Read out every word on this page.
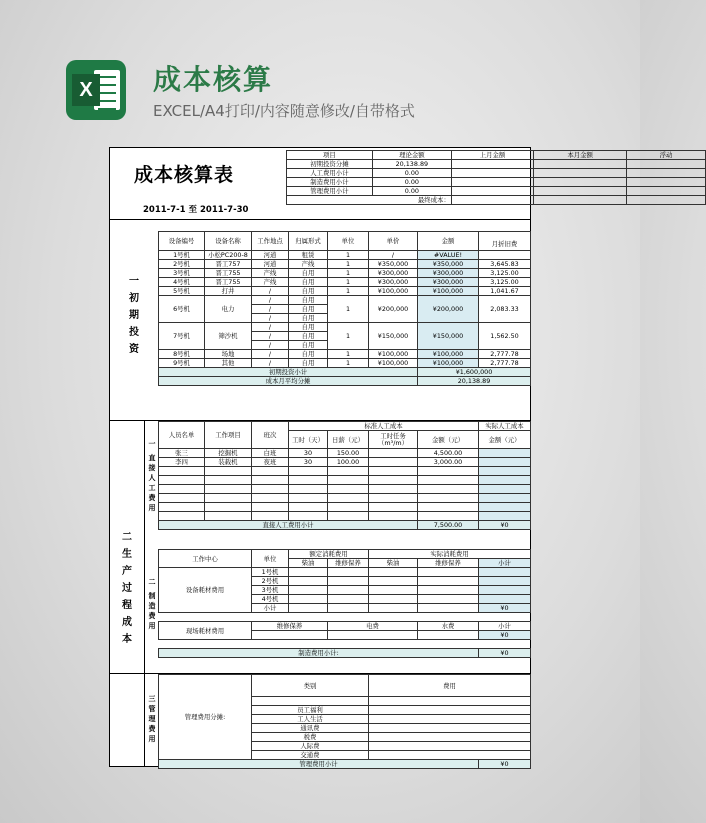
X 成本核算
EXCEL/A4打印/内容随意修改/自带格式
成本核算表
2011-7-1 至 2011-7-30
项目	理论金额	上月金额	本月金额	浮动
初期投资分摊	20,138.89			
人工费用小计	0.00			
制造费用小计	0.00			
管理费用小计	0.00			
最终成本：				
一
初
期
投
资
设备编号	设备名称	工作地点	归属形式	单位	单价	金额	月折旧费
1号机	小松PC200-8	河道	租赁	1	/	#VALUE!	
2号机	晋工757	河道	产线	1	¥350,000	¥350,000	3,645.83
3号机	晋工755	产线	自用	1	¥300,000	¥300,000	3,125.00
4号机	晋工755	产线	自用	1	¥300,000	¥300,000	3,125.00
5号机	打井	/	自用	1	¥100,000	¥100,000	1,041.67
6号机	电力	/	自用	1	¥200,000	¥200,000	2,083.33
		/	自用				
		/	自用				
7号机	筛沙机	/	自用	1	¥150,000	¥150,000	1,562.50
		/	自用				
		/	自用				
8号机	场地	/	自用	1	¥100,000	¥100,000	2,777.78
9号机	其他	/	自用	1	¥100,000	¥100,000	2,777.78
初期投资小计						¥1,600,000	
成本月平均分摊						20,138.89	
二
生
产
过
程
成
本
一
直
接
人
工
费
用
人员名单	工作项目	班次	标准人工成本				实际人工成本
			工时（天）	日薪（元）	工时任务（m³/m）	金额（元）	金额（元）
张三	挖掘机	白班	30	150.00		4,500.00	
李四	装载机	夜班	30	100.00		3,000.00	

直接人工费用小计						7,500.00	¥0
二
制
造
费
用
工作中心	单位	额定消耗费用		实际消耗费用		
		柴油	维修保养	柴油	维修保养	小计
设备耗材费用	1号机					
	2号机					
	3号机					
	4号机					
	小计					¥0

现场耗材费用	维修保养		电费		水费	小计
						¥0

制造费用小计:						¥0
三
管
理
费
用
管理费用分摊:	类别	费用	

	员工福利		
	工人生活		
	通讯费		
	税费		
	人际费		
	交通费		
管理费用小计			¥0
